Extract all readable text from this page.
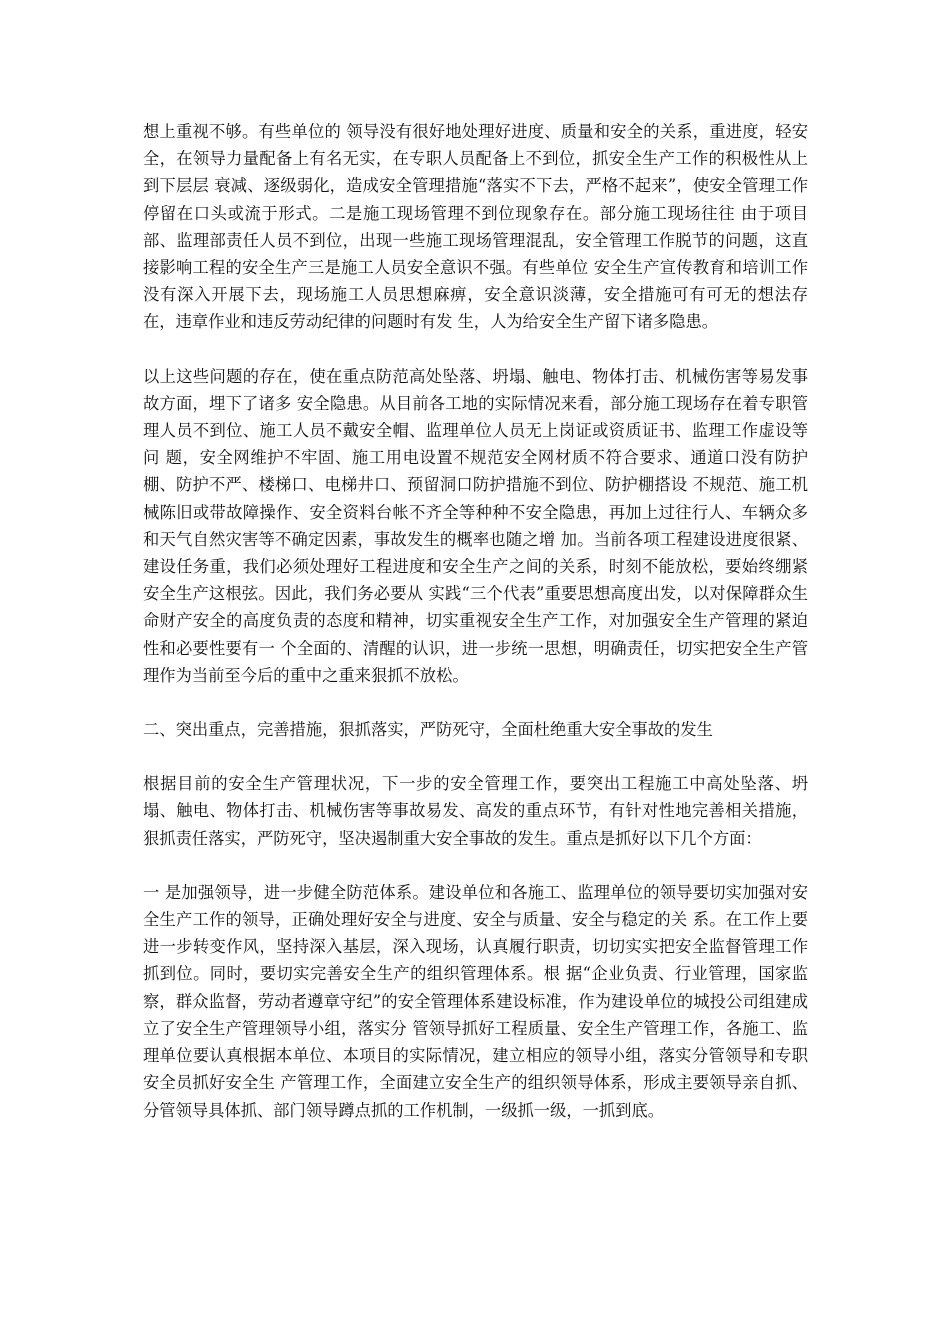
想上重视不够。有些单位的 领导没有很好地处理好进度、质量和安全的关系，重进度，轻安全，在领导力量配备上有名无实，在专职人员配备上不到位，抓安全生产工作的积极性从上到下层层 衰减、逐级弱化，造成安全管理措施“落实不下去，严格不起来”，使安全管理工作停留在口头或流于形式。二是施工现场管理不到位现象存在。部分施工现场往往 由于项目部、监理部责任人员不到位，出现一些施工现场管理混乱，安全管理工作脱节的问题，这直接影响工程的安全生产三是施工人员安全意识不强。有些单位 安全生产宣传教育和培训工作没有深入开展下去，现场施工人员思想麻痹，安全意识淡薄，安全措施可有可无的想法存在，违章作业和违反劳动纪律的问题时有发 生，人为给安全生产留下诸多隐患。

以上这些问题的存在，使在重点防范高处坠落、坍塌、触电、物体打击、机械伤害等易发事故方面，埋下了诸多 安全隐患。从目前各工地的实际情况来看，部分施工现场存在着专职管理人员不到位、施工人员不戴安全帽、监理单位人员无上岗证或资质证书、监理工作虚设等问 题，安全网维护不牢固、施工用电设置不规范安全网材质不符合要求、通道口没有防护棚、防护不严、楼梯口、电梯井口、预留洞口防护措施不到位、防护棚搭设 不规范、施工机械陈旧或带故障操作、安全资料台帐不齐全等种种不安全隐患，再加上过往行人、车辆众多和天气自然灾害等不确定因素，事故发生的概率也随之增 加。当前各项工程建设进度很紧、建设任务重，我们必须处理好工程进度和安全生产之间的关系，时刻不能放松，要始终绷紧安全生产这根弦。因此，我们务必要从 实践“三个代表”重要思想高度出发，以对保障群众生命财产安全的高度负责的态度和精神，切实重视安全生产工作，对加强安全生产管理的紧迫性和必要性要有一 个全面的、清醒的认识，进一步统一思想，明确责任，切实把安全生产管理作为当前至今后的重中之重来狠抓不放松。

二、突出重点，完善措施，狠抓落实，严防死守，全面杜绝重大安全事故的发生

根据目前的安全生产管理状况，下一步的安全管理工作，要突出工程施工中高处坠落、坍塌、触电、物体打击、机械伤害等事故易发、高发的重点环节，有针对性地完善相关措施，狠抓责任落实，严防死守，坚决遏制重大安全事故的发生。重点是抓好以下几个方面：

一 是加强领导，进一步健全防范体系。建设单位和各施工、监理单位的领导要切实加强对安全生产工作的领导，正确处理好安全与进度、安全与质量、安全与稳定的关 系。在工作上要进一步转变作风，坚持深入基层，深入现场，认真履行职责，切切实实把安全监督管理工作抓到位。同时，要切实完善安全生产的组织管理体系。根 据“企业负责、行业管理，国家监察，群众监督，劳动者遵章守纪”的安全管理体系建设标准，作为建设单位的城投公司组建成立了安全生产管理领导小组，落实分 管领导抓好工程质量、安全生产管理工作，各施工、监理单位要认真根据本单位、本项目的实际情况，建立相应的领导小组，落实分管领导和专职安全员抓好安全生 产管理工作，全面建立安全生产的组织领导体系，形成主要领导亲自抓、分管领导具体抓、部门领导蹲点抓的工作机制，一级抓一级，一抓到底。
